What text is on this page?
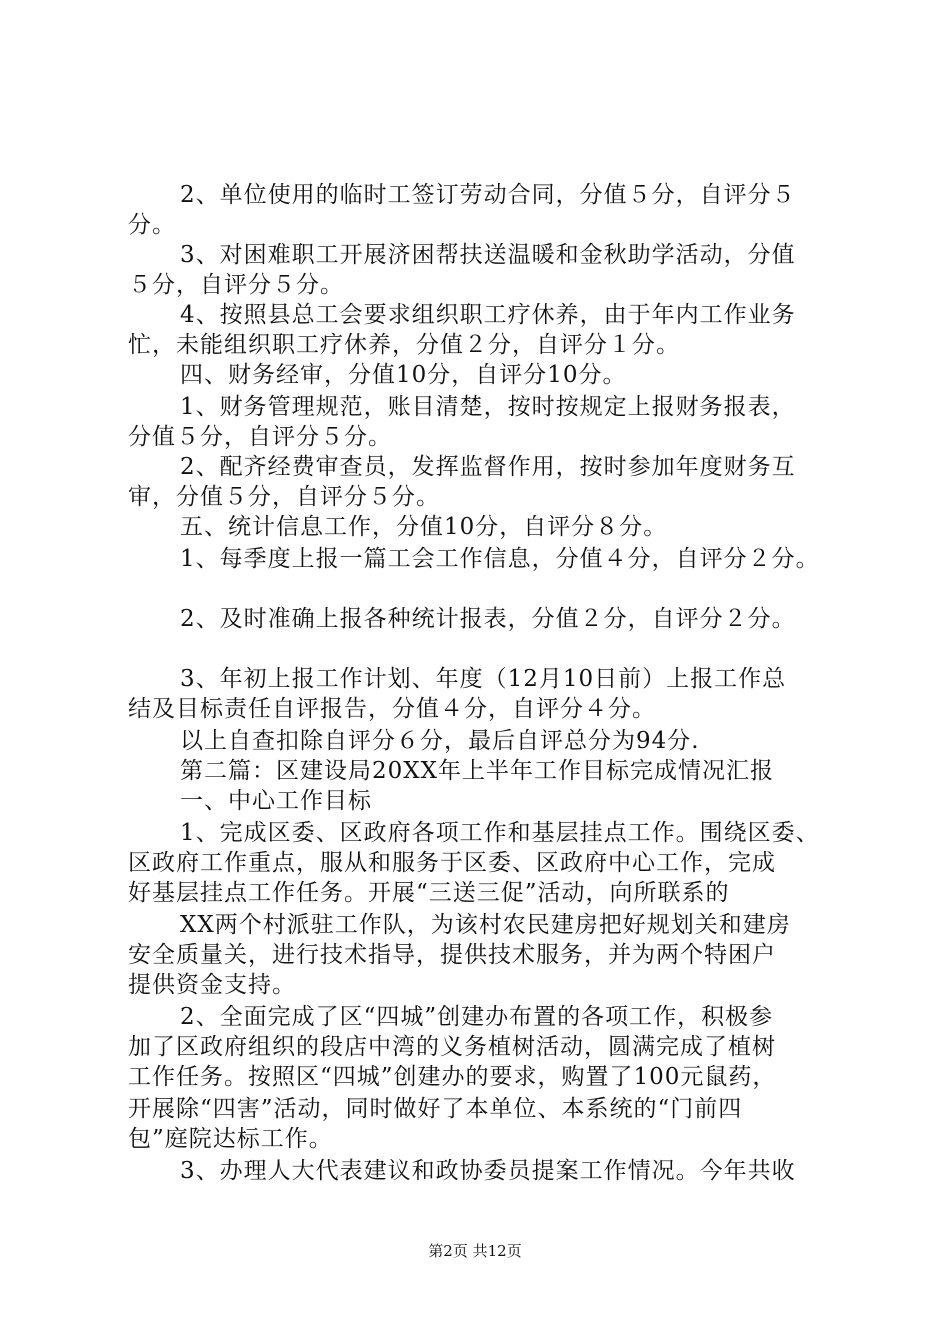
2、单位使用的临时工签订劳动合同，分值５分，自评分５
分。
3、对困难职工开展济困帮扶送温暖和金秋助学活动，分值
５分，自评分５分。
4、按照县总工会要求组织职工疗休养，由于年内工作业务
忙，未能组织职工疗休养，分值２分，自评分１分。
四、财务经审，分值10分，自评分10分。
1、财务管理规范，账目清楚，按时按规定上报财务报表，
分值５分，自评分５分。
2、配齐经费审查员，发挥监督作用，按时参加年度财务互
审，分值５分，自评分５分。
五、统计信息工作，分值10分，自评分８分。
1、每季度上报一篇工会工作信息，分值４分，自评分２分。
2、及时准确上报各种统计报表，分值２分，自评分２分。
3、年初上报工作计划、年度（12月10日前）上报工作总
结及目标责任自评报告，分值４分，自评分４分。
以上自查扣除自评分６分，最后自评总分为94分.
第二篇：区建设局20XX年上半年工作目标完成情况汇报
一、中心工作目标
1、完成区委、区政府各项工作和基层挂点工作。围绕区委、
区政府工作重点，服从和服务于区委、区政府中心工作，完成
好基层挂点工作任务。开展“三送三促”活动，向所联系的
XX两个村派驻工作队，为该村农民建房把好规划关和建房
安全质量关，进行技术指导，提供技术服务，并为两个特困户
提供资金支持。
2、全面完成了区“四城”创建办布置的各项工作，积极参
加了区政府组织的段店中湾的义务植树活动，圆满完成了植树
工作任务。按照区“四城”创建办的要求，购置了100元鼠药，
开展除“四害”活动，同时做好了本单位、本系统的“门前四
包”庭院达标工作。
3、办理人大代表建议和政协委员提案工作情况。今年共收
第2页 共12页
